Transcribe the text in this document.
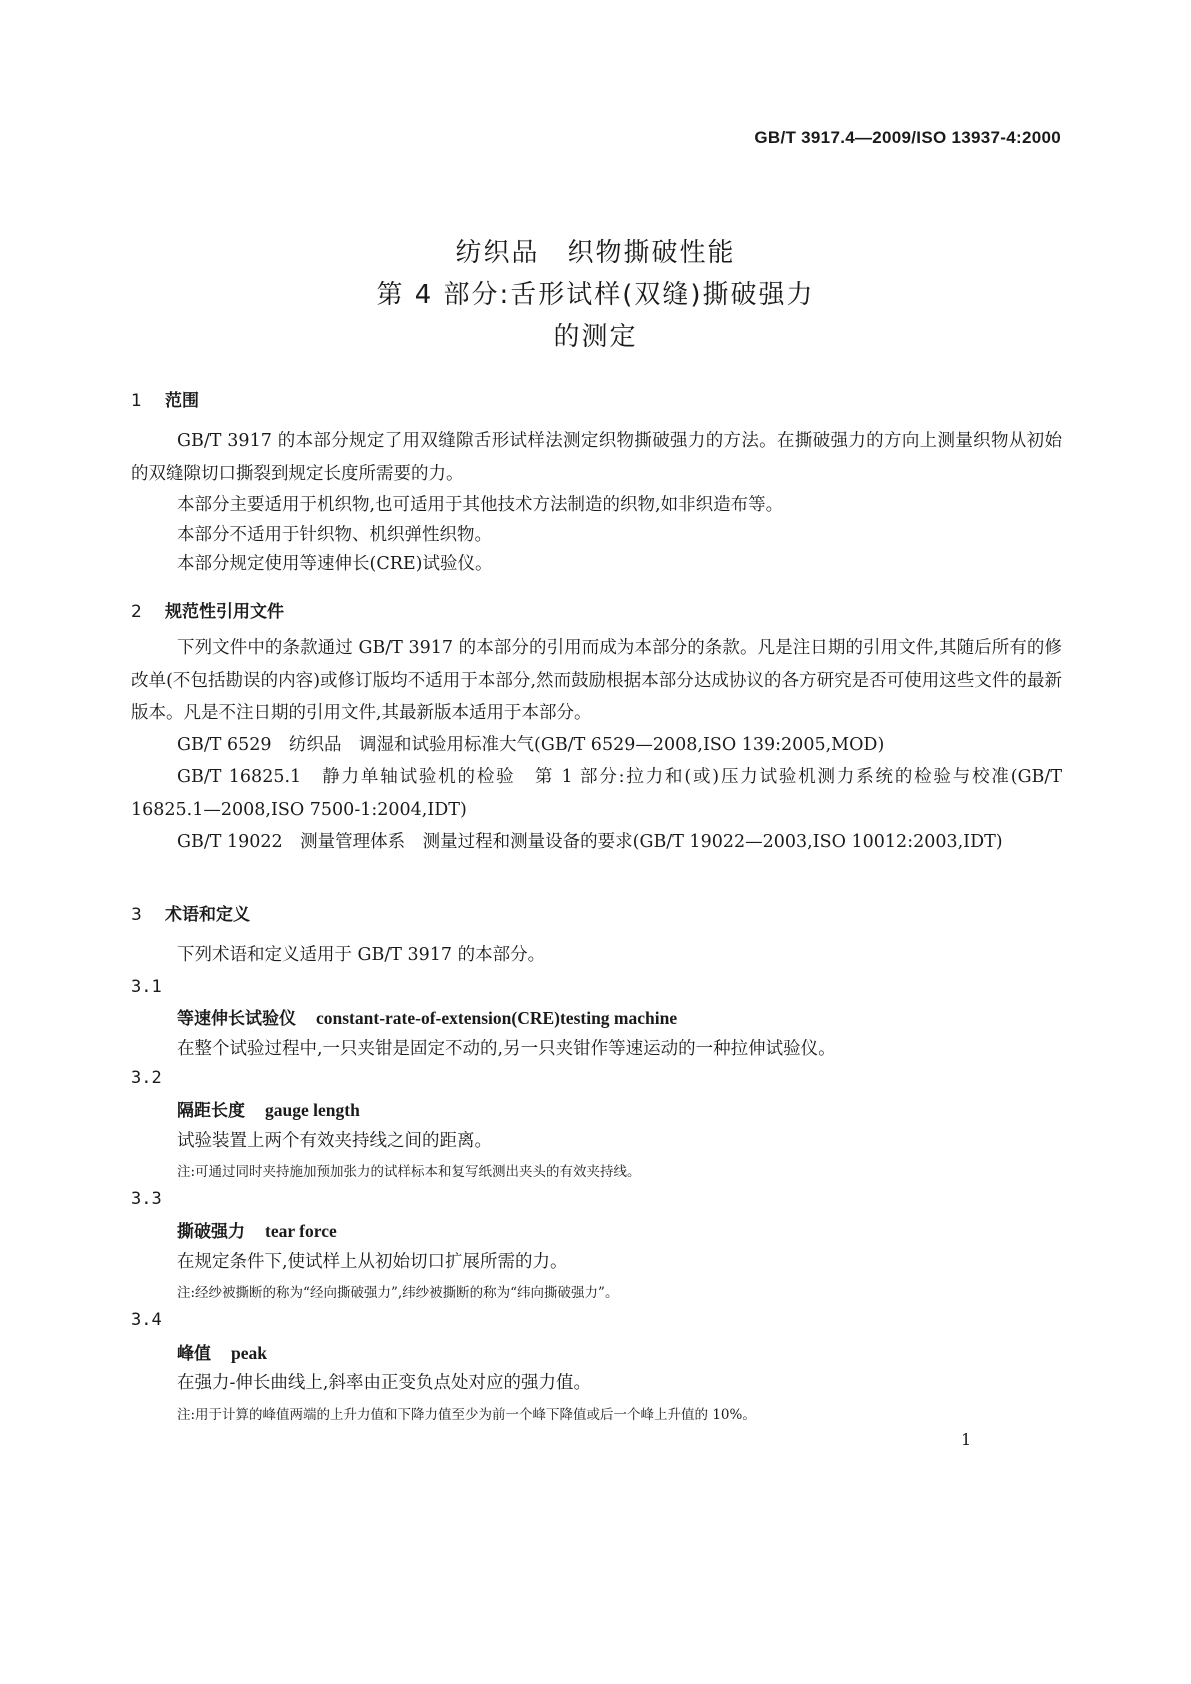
GB/T 3917.4—2009/ISO 13937-4:2000
纺织品　织物撕破性能
第 4 部分:舌形试样(双缝)撕破强力
的测定
1 范围
GB/T 3917 的本部分规定了用双缝隙舌形试样法测定织物撕破强力的方法。在撕破强力的方向上测量织物从初始的双缝隙切口撕裂到规定长度所需要的力。
本部分主要适用于机织物,也可适用于其他技术方法制造的织物,如非织造布等。
本部分不适用于针织物、机织弹性织物。
本部分规定使用等速伸长(CRE)试验仪。
2 规范性引用文件
下列文件中的条款通过 GB/T 3917 的本部分的引用而成为本部分的条款。凡是注日期的引用文件,其随后所有的修改单(不包括勘误的内容)或修订版均不适用于本部分,然而鼓励根据本部分达成协议的各方研究是否可使用这些文件的最新版本。凡是不注日期的引用文件,其最新版本适用于本部分。
GB/T 6529　纺织品　调湿和试验用标准大气(GB/T 6529—2008,ISO 139:2005,MOD)
GB/T 16825.1　静力单轴试验机的检验　第 1 部分:拉力和(或)压力试验机测力系统的检验与校准(GB/T 16825.1—2008,ISO 7500-1:2004,IDT)
GB/T 19022　测量管理体系　测量过程和测量设备的要求(GB/T 19022—2003,ISO 10012:2003,IDT)
3 术语和定义
下列术语和定义适用于 GB/T 3917 的本部分。
3.1
等速伸长试验仪 constant-rate-of-extension(CRE)testing machine
在整个试验过程中,一只夹钳是固定不动的,另一只夹钳作等速运动的一种拉伸试验仪。
3.2
隔距长度 gauge length
试验装置上两个有效夹持线之间的距离。
注:可通过同时夹持施加预加张力的试样标本和复写纸测出夹头的有效夹持线。
3.3
撕破强力 tear force
在规定条件下,使试样上从初始切口扩展所需的力。
注:经纱被撕断的称为“经向撕破强力”,纬纱被撕断的称为“纬向撕破强力”。
3.4
峰值 peak
在强力-伸长曲线上,斜率由正变负点处对应的强力值。
注:用于计算的峰值两端的上升力值和下降力值至少为前一个峰下降值或后一个峰上升值的 10%。
1
